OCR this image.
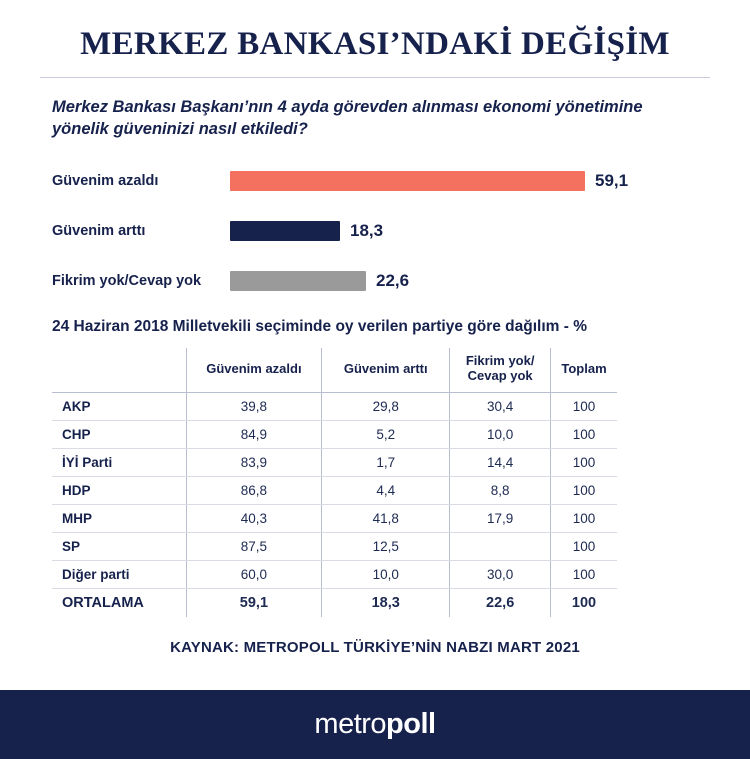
MERKEZ BANKASI’NDAKİ DEĞİŞİM
Merkez Bankası Başkanı’nın 4 ayda görevden alınması ekonomi yönetimine yönelik güveninizi nasıl etkiledi?
Güvenim azaldı	59,1
Güvenim arttı	18,3
Fikrim yok/Cevap yok	22,6
24 Haziran 2018 Milletvekili seçiminde oy verilen partiye göre dağılım - %
	Güvenim azaldı	Güvenim arttı	Fikrim yok/
Cevap yok	Toplam
AKP	39,8	29,8	30,4	100
CHP	84,9	5,2	10,0	100
İYİ Parti	83,9	1,7	14,4	100
HDP	86,8	4,4	8,8	100
MHP	40,3	41,8	17,9	100
SP	87,5	12,5		100
Diğer parti	60,0	10,0	30,0	100
ORTALAMA	59,1	18,3	22,6	100
KAYNAK: METROPOLL TÜRKİYE’NİN NABZI MART 2021
metropoll
